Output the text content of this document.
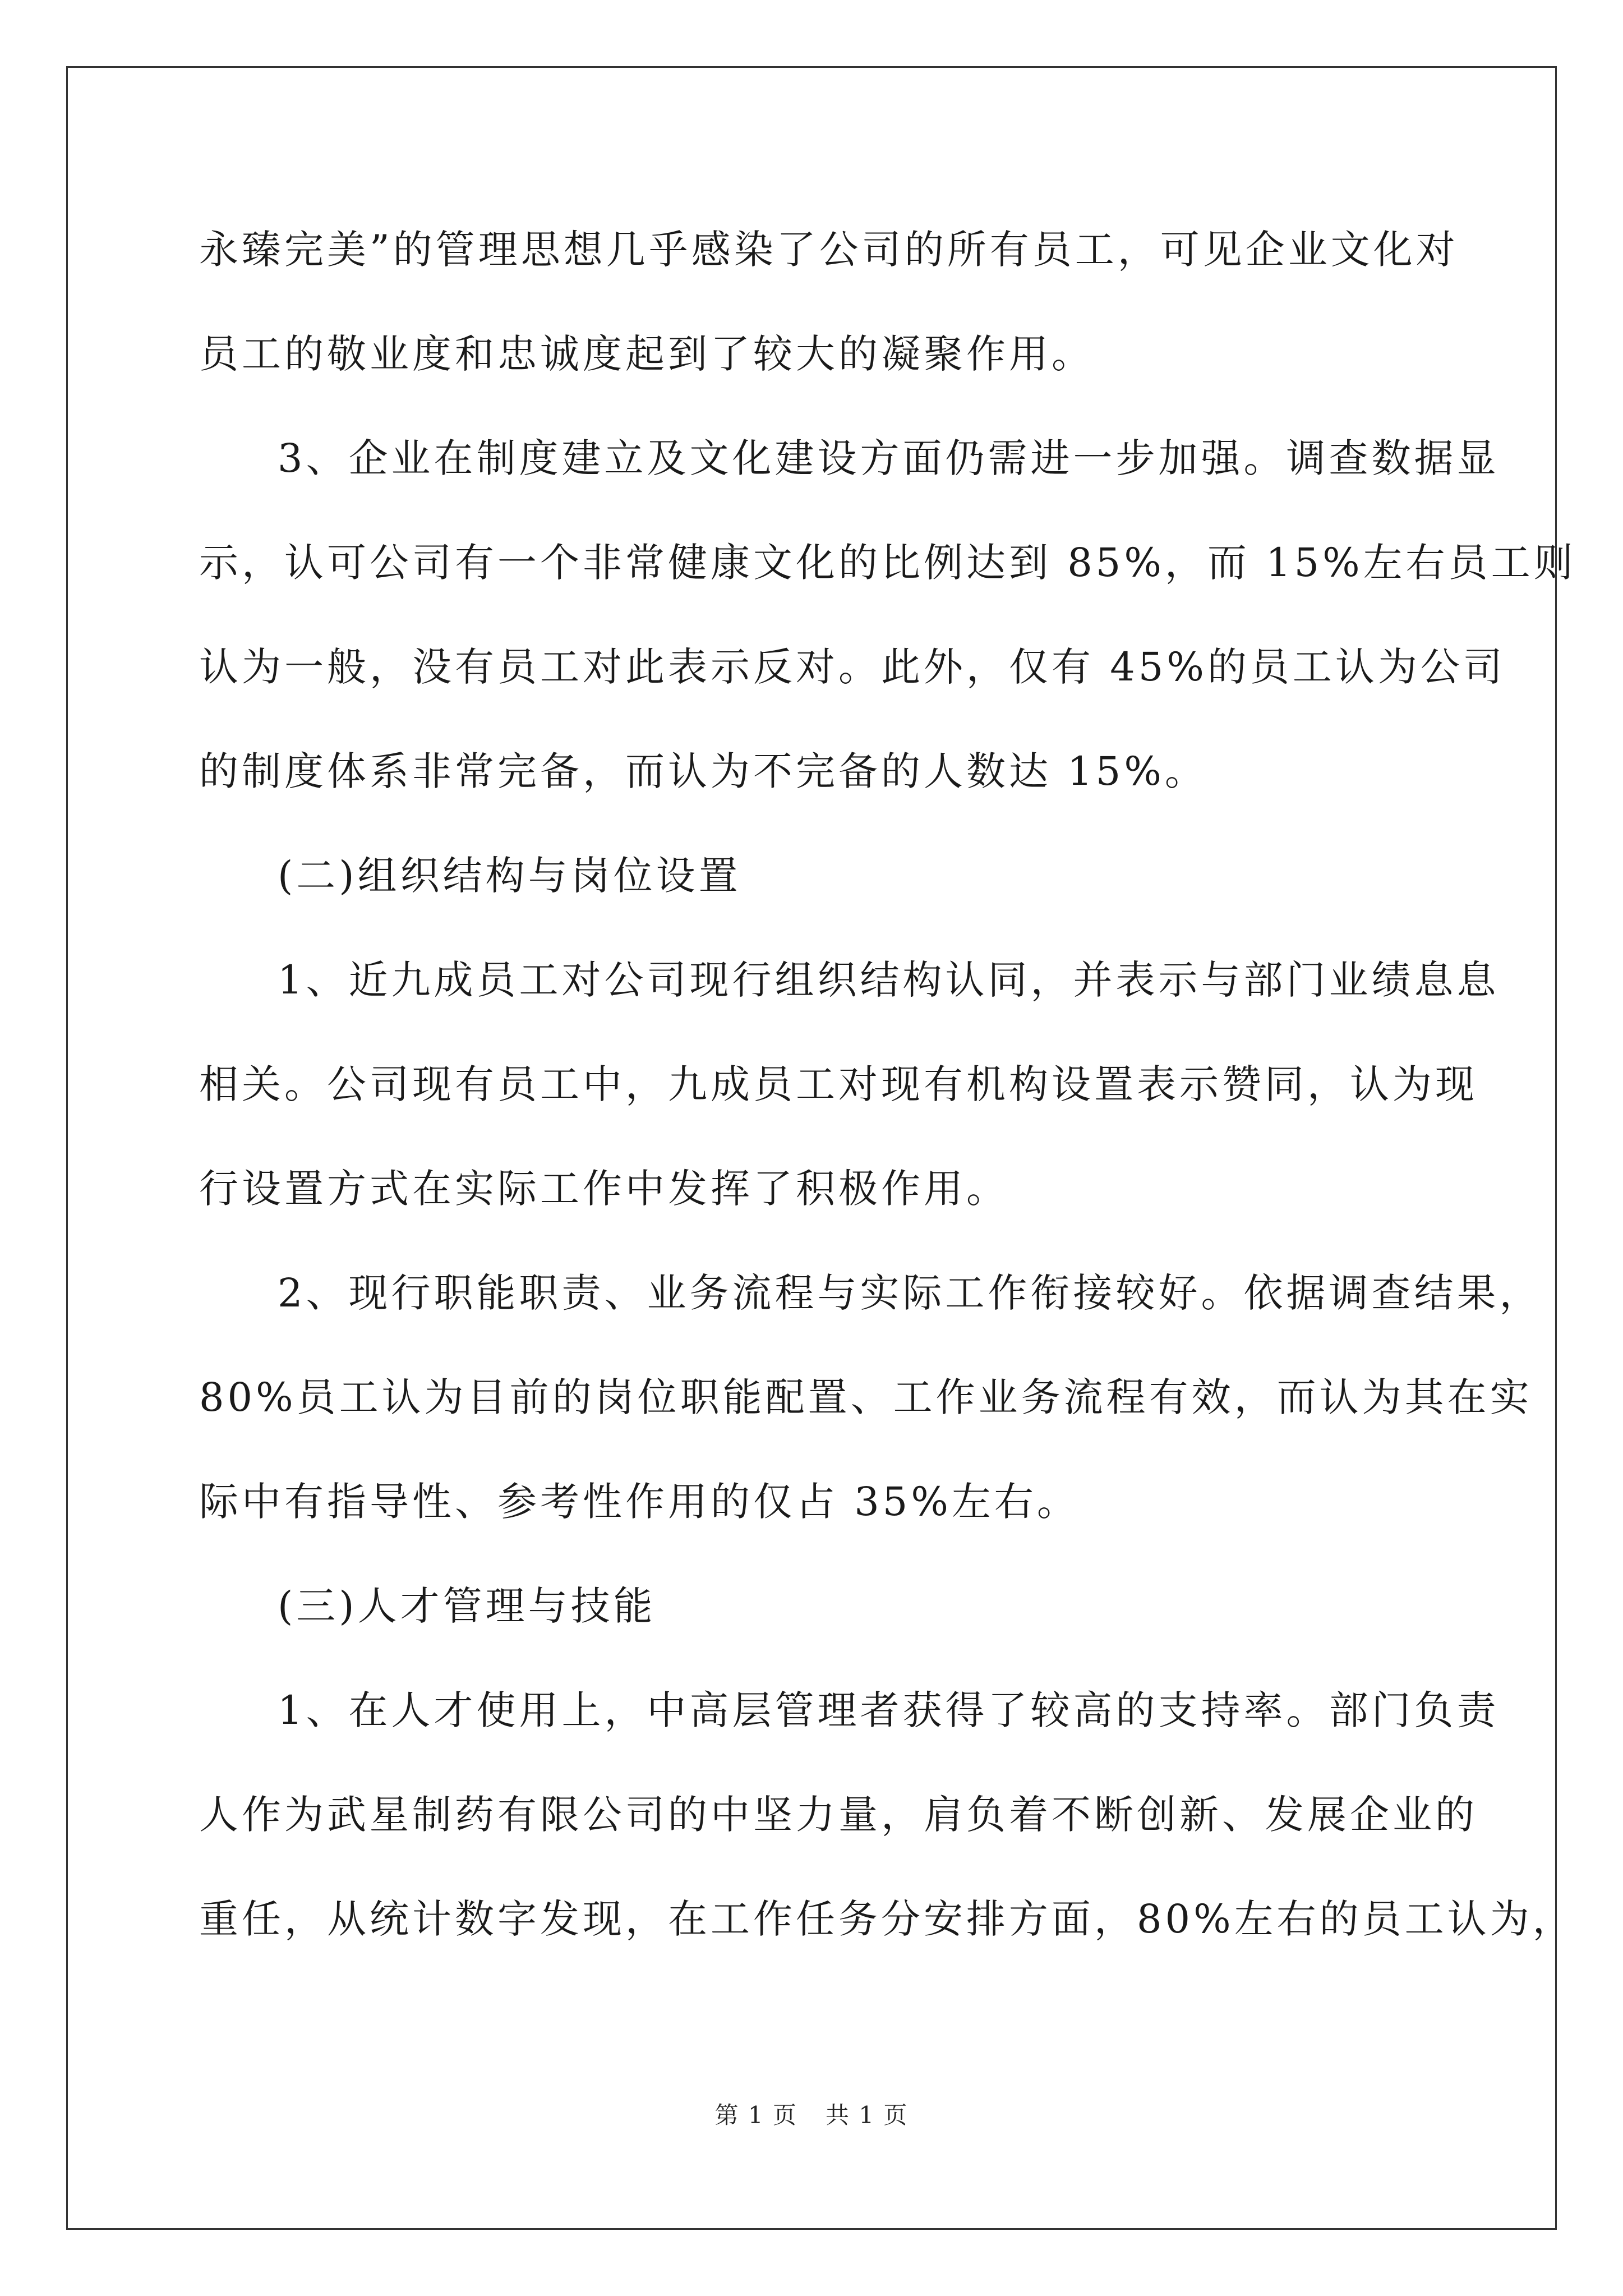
永臻完美”的管理思想几乎感染了公司的所有员工，可见企业文化对
员工的敬业度和忠诚度起到了较大的凝聚作用。
3、企业在制度建立及文化建设方面仍需进一步加强。调查数据显
示，认可公司有一个非常健康文化的比例达到 85%，而 15%左右员工则
认为一般，没有员工对此表示反对。此外，仅有 45%的员工认为公司
的制度体系非常完备，而认为不完备的人数达 15%。
(二)组织结构与岗位设置
1、近九成员工对公司现行组织结构认同，并表示与部门业绩息息
相关。公司现有员工中，九成员工对现有机构设置表示赞同，认为现
行设置方式在实际工作中发挥了积极作用。
2、现行职能职责、业务流程与实际工作衔接较好。依据调查结果，
80%员工认为目前的岗位职能配置、工作业务流程有效，而认为其在实
际中有指导性、参考性作用的仅占 35%左右。
(三)人才管理与技能
1、在人才使用上，中高层管理者获得了较高的支持率。部门负责
人作为武星制药有限公司的中坚力量，肩负着不断创新、发展企业的
重任，从统计数字发现，在工作任务分安排方面，80%左右的员工认为，
第 1 页 共 1 页
